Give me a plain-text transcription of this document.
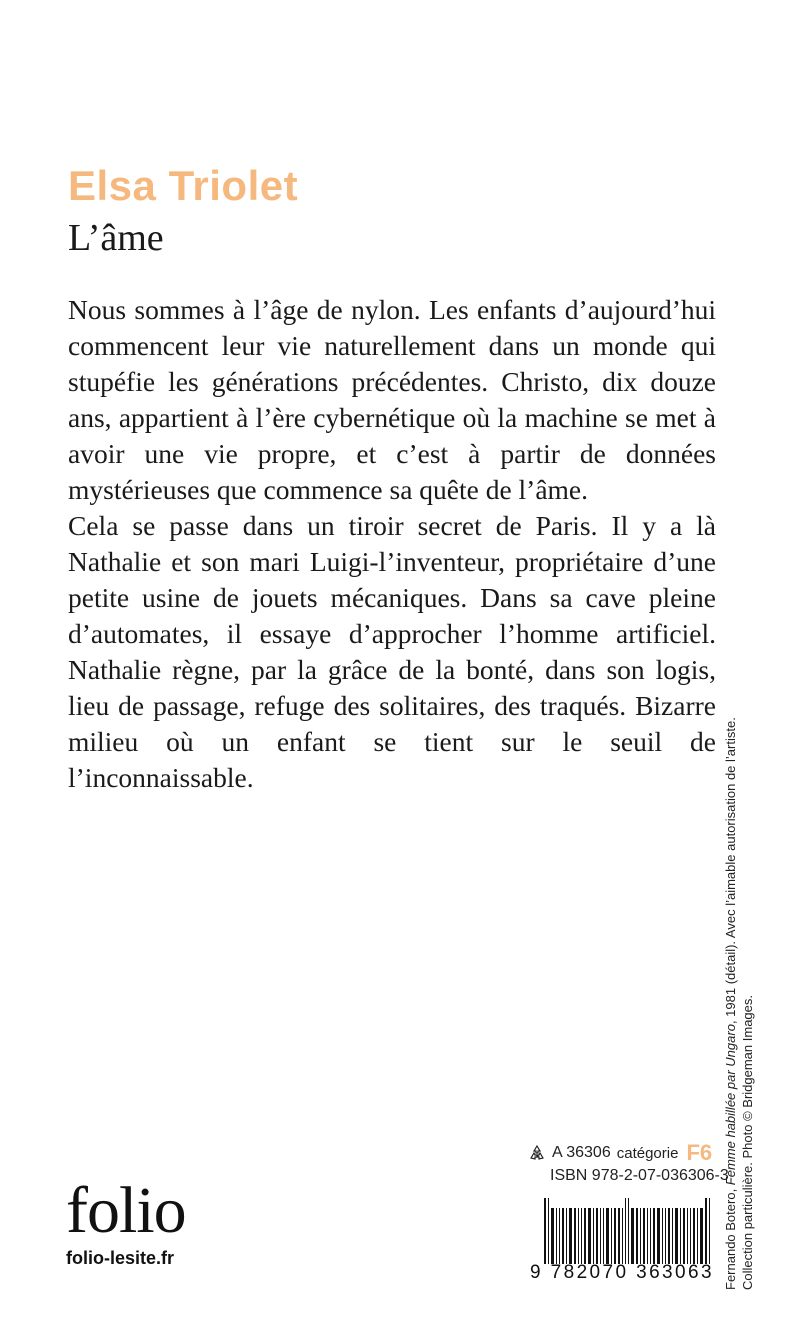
Elsa Triolet
L’âme

Nous sommes à l’âge de nylon. Les enfants d’aujourd’hui commencent leur vie naturellement dans un monde qui stupéfie les générations précédentes. Christo, dix douze ans, appartient à l’ère cybernétique où la machine se met à avoir une vie propre, et c’est à partir de données mystérieuses que commence sa quête de l’âme.

Cela se passe dans un tiroir secret de Paris. Il y a là Nathalie et son mari Luigi-l’inventeur, propriétaire d’une petite usine de jouets mécaniques. Dans sa cave pleine d’automates, il essaye d’approcher l’homme artificiel. Nathalie règne, par la grâce de la bonté, dans son logis, lieu de passage, refuge des solitaires, des traqués. Bizarre milieu où un enfant se tient sur le seuil de l’inconnaissable.

Fernando Botero, Femme habillée par Ungaro, 1981 (détail). Avec l’aimable autorisation de l’artiste.
Collection particulière. Photo © Bridgeman Images.
A 36306 catégorie F6
ISBN 978-2-07-036306-3
9 782070 363063
folio
folio-lesite.fr
